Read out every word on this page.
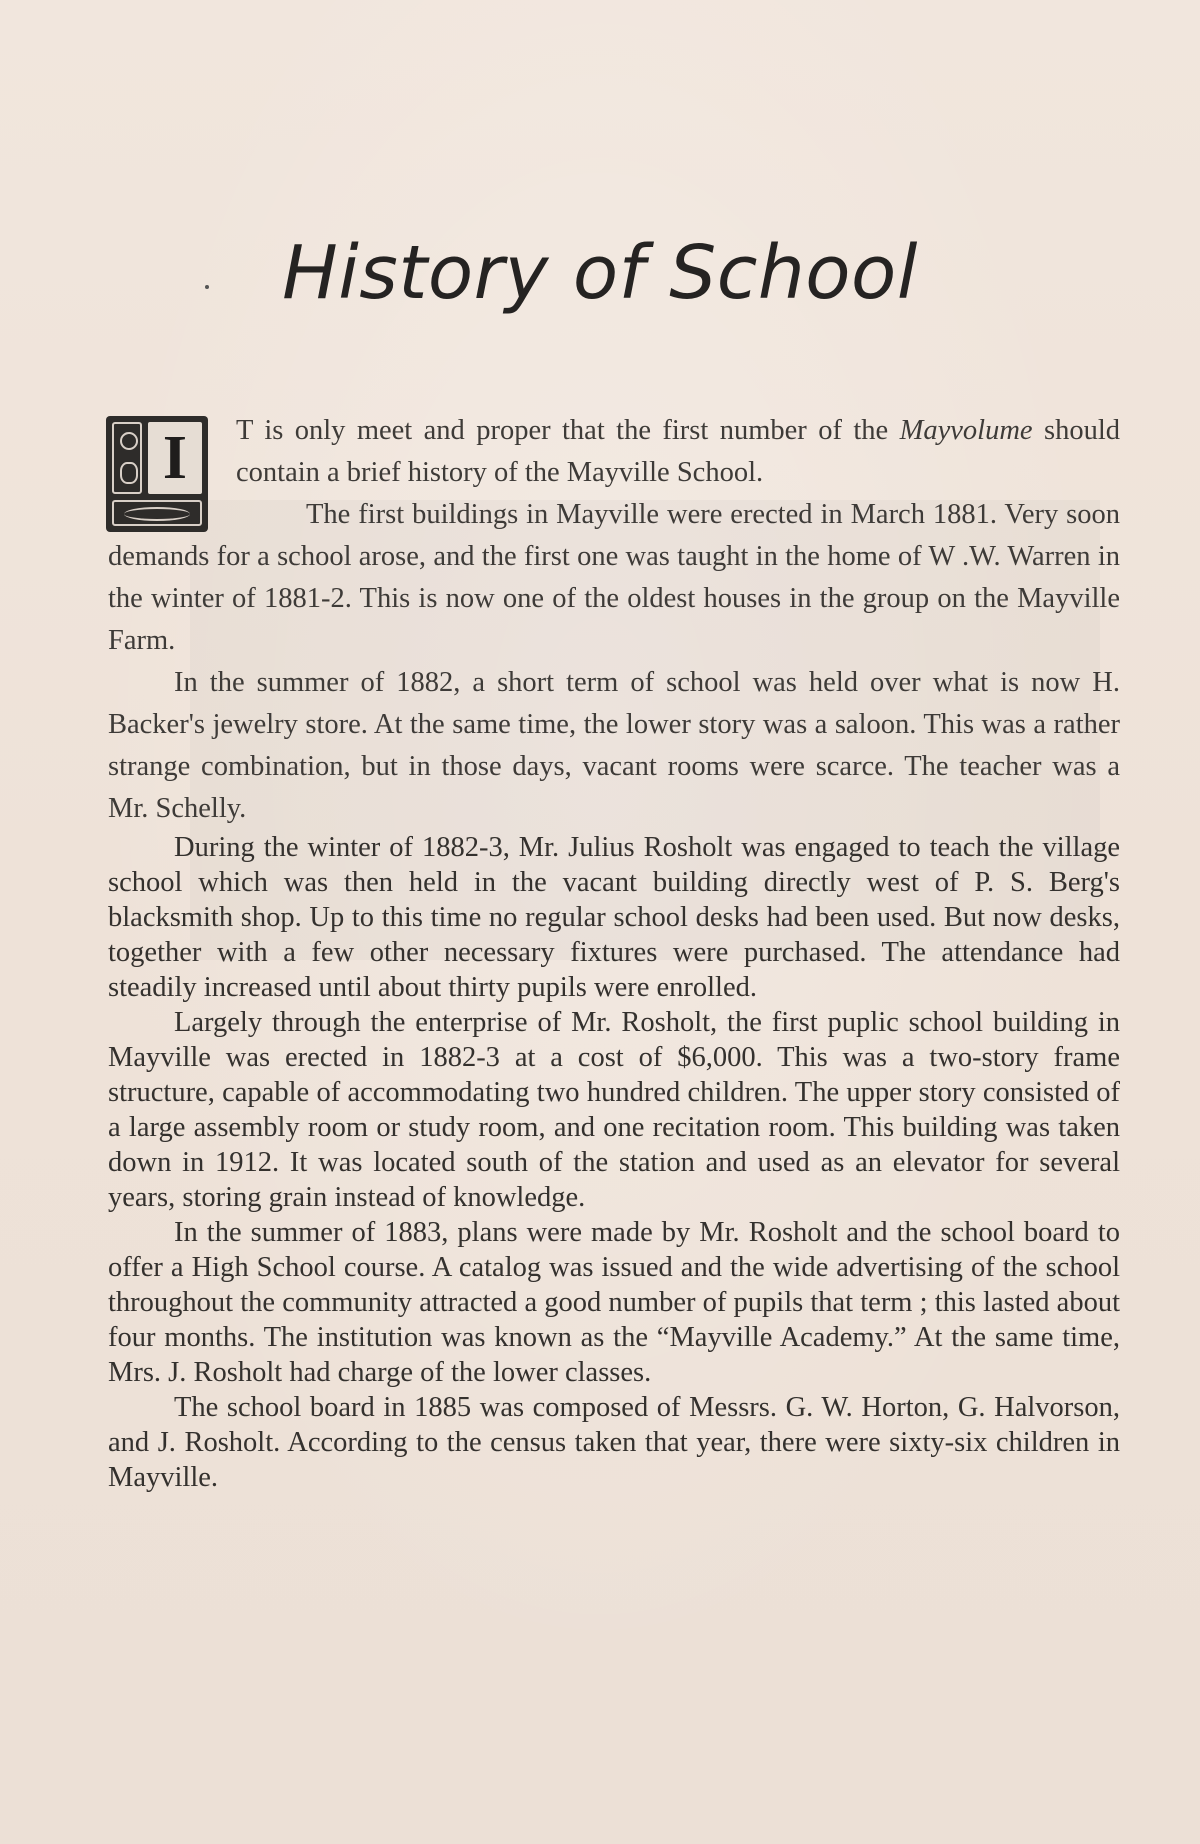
History of School
I	T is only meet and proper that the first number of the Mayvolume should contain a brief history of the Mayville School.

The first buildings in Mayville were erected in March 1881. Very soon demands for a school arose, and the first one was taught in the home of W .W. Warren in the winter of 1881-2. This is now one of the oldest houses in the group on the Mayville Farm.

In the summer of 1882, a short term of school was held over what is now H. Backer's jewelry store. At the same time, the lower story was a saloon. This was a rather strange combination, but in those days, vacant rooms were scarce. The teacher was a Mr. Schelly.

During the winter of 1882-3, Mr. Julius Rosholt was engaged to teach the village school which was then held in the vacant building directly west of P. S. Berg's blacksmith shop. Up to this time no regular school desks had been used. But now desks, together with a few other necessary fixtures were purchased. The attendance had steadily increased until about thirty pupils were enrolled.

Largely through the enterprise of Mr. Rosholt, the first puplic school building in Mayville was erected in 1882-3 at a cost of $6,000. This was a two-story frame structure, capable of accommodating two hundred children. The upper story consisted of a large assembly room or study room, and one recitation room. This building was taken down in 1912. It was located south of the station and used as an elevator for several years, storing grain instead of knowledge.

In the summer of 1883, plans were made by Mr. Rosholt and the school board to offer a High School course. A catalog was issued and the wide advertising of the school throughout the community attracted a good number of pupils that term ; this lasted about four months. The institution was known as the “Mayville Academy.” At the same time, Mrs. J. Rosholt had charge of the lower classes.

The school board in 1885 was composed of Messrs. G. W. Horton, G. Halvorson, and J. Rosholt. According to the census taken that year, there were sixty-six children in Mayville.
